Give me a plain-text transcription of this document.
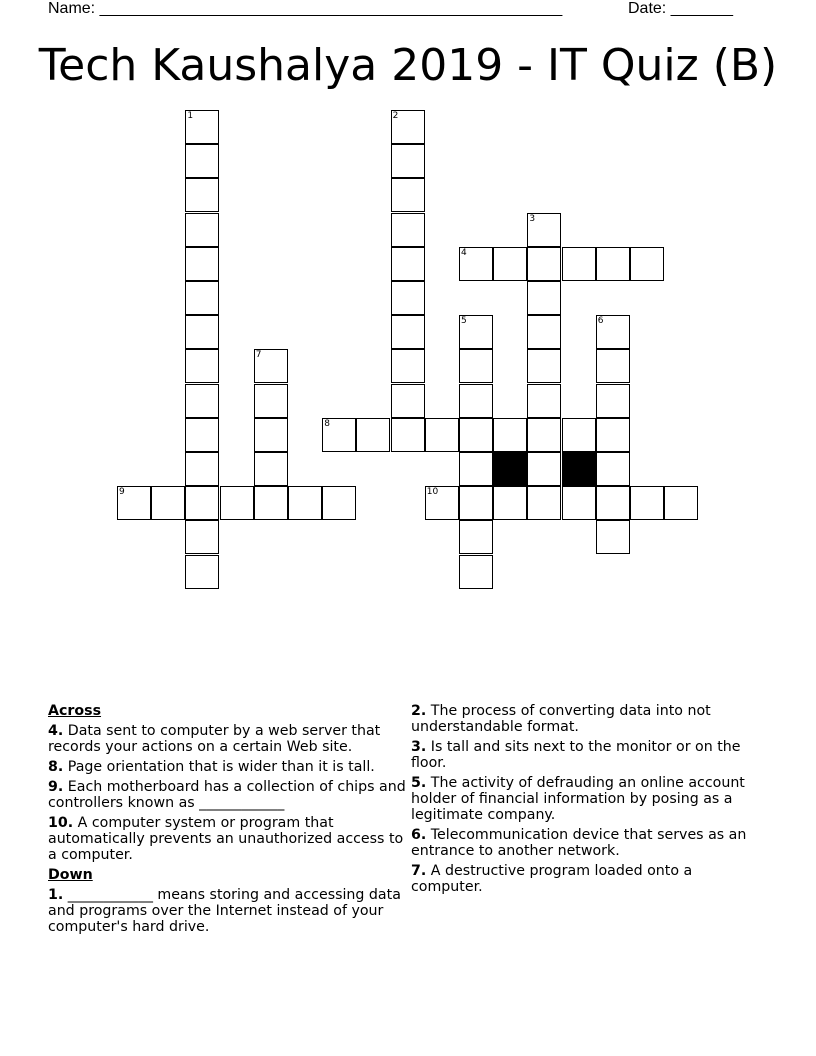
Name: ____________________________________________________	Date: _______
Tech Kaushalya 2019 - IT Quiz (B)
1	2
3
4
5	6
7
8
9	10
Across
4. Data sent to computer by a web server that records your actions on a certain Web site.
8. Page orientation that is wider than it is tall.
9. Each motherboard has a collection of chips and controllers known as ____________
10. A computer system or program that automatically prevents an unauthorized access to a computer.
Down
1. ____________ means storing and accessing data and programs over the Internet instead of your computer's hard drive.
2. The process of converting data into not understandable format.
3. Is tall and sits next to the monitor or on the floor.
5. The activity of defrauding an online account holder of financial information by posing as a legitimate company.
6. Telecommunication device that serves as an entrance to another network.
7. A destructive program loaded onto a computer.
